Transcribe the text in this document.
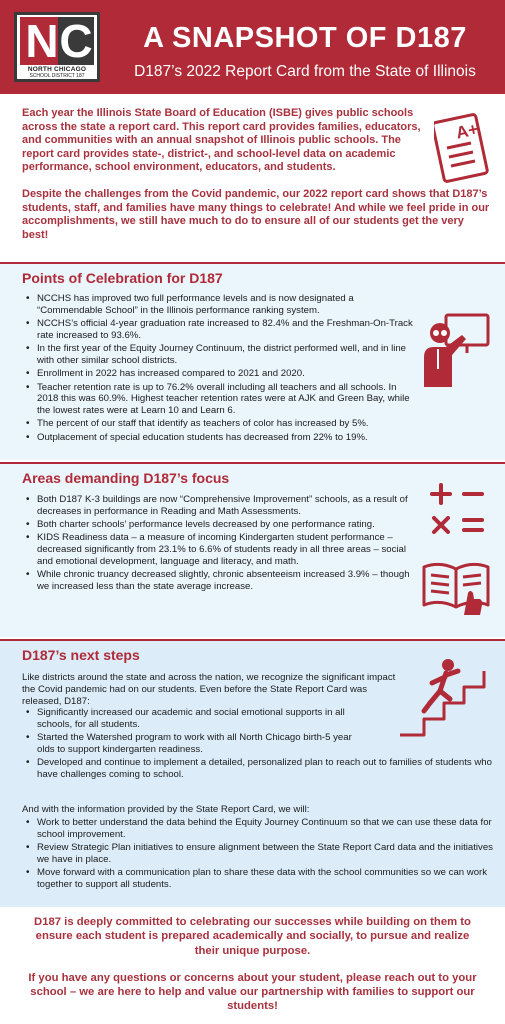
N C
NORTH CHICAGO
SCHOOL DISTRICT 187
A SNAPSHOT OF D187
D187’s 2022 Report Card from the State of Illinois

Each year the Illinois State Board of Education (ISBE) gives public schools across the state a report card. This report card provides families, educators, and communities with an annual snapshot of Illinois public schools. The report card provides state-, district-, and school-level data on academic performance, school environment, educators, and students.

Despite the challenges from the Covid pandemic, our 2022 report card shows that D187’s students, staff, and families have many things to celebrate! And while we feel pride in our accomplishments, we still have much to do to ensure all of our students get the very best!

A+
Points of Celebration for D187
• NCCHS has improved two full performance levels and is now designated a “Commendable School” in the Illinois performance ranking system.
• NCCHS’s official 4-year graduation rate increased to 82.4% and the Freshman-On-Track rate increased to 93.6%.
• In the first year of the Equity Journey Continuum, the district performed well, and in line with other similar school districts.
• Enrollment in 2022 has increased compared to 2021 and 2020.
• Teacher retention rate is up to 76.2% overall including all teachers and all schools. In 2018 this was 60.9%. Highest teacher retention rates were at AJK and Green Bay, while the lowest rates were at Learn 10 and Learn 6.
• The percent of our staff that identify as teachers of color has increased by 5%.
• Outplacement of special education students has decreased from 22% to 19%.
Areas demanding D187’s focus
• Both D187 K-3 buildings are now “Comprehensive Improvement” schools, as a result of decreases in performance in Reading and Math Assessments.
• Both charter schools’ performance levels decreased by one performance rating.
• KIDS Readiness data – a measure of incoming Kindergarten student performance – decreased significantly from 23.1% to 6.6% of students ready in all three areas – social and emotional development, language and literacy, and math.
• While chronic truancy decreased slightly, chronic absenteeism increased 3.9% – though we increased less than the state average increase.
D187’s next steps
Like districts around the state and across the nation, we recognize the significant impact the Covid pandemic had on our students. Even before the State Report Card was released, D187:
• Significantly increased our academic and social emotional supports in all schools, for all students.
• Started the Watershed program to work with all North Chicago birth-5 year olds to support kindergarten readiness.
• Developed and continue to implement a detailed, personalized plan to reach out to families of students who have challenges coming to school.
And with the information provided by the State Report Card, we will:
• Work to better understand the data behind the Equity Journey Continuum so that we can use these data for school improvement.
• Review Strategic Plan initiatives to ensure alignment between the State Report Card data and the initiatives we have in place.
• Move forward with a communication plan to share these data with the school communities so we can work together to support all students.

D187 is deeply committed to celebrating our successes while building on them to ensure each student is prepared academically and socially, to pursue and realize their unique purpose.

If you have any questions or concerns about your student, please reach out to your school – we are here to help and value our partnership with families to support our students!
